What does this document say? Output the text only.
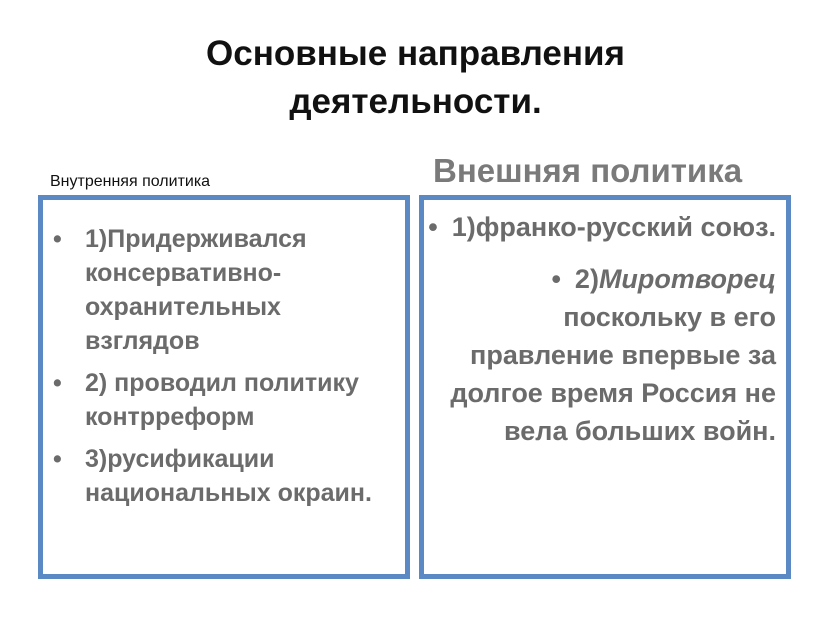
Основные направления
деятельности.
Внутренняя политика	Внешняя политика
• 1)Придерживался консервативно-охранительных взглядов
• 2) проводил политику контрреформ
• 3)русификации национальных окраин.
• 1)франко-русский союз.
• 2)Миротворец поскольку в его правление впервые за долгое время Россия не вела больших войн.
